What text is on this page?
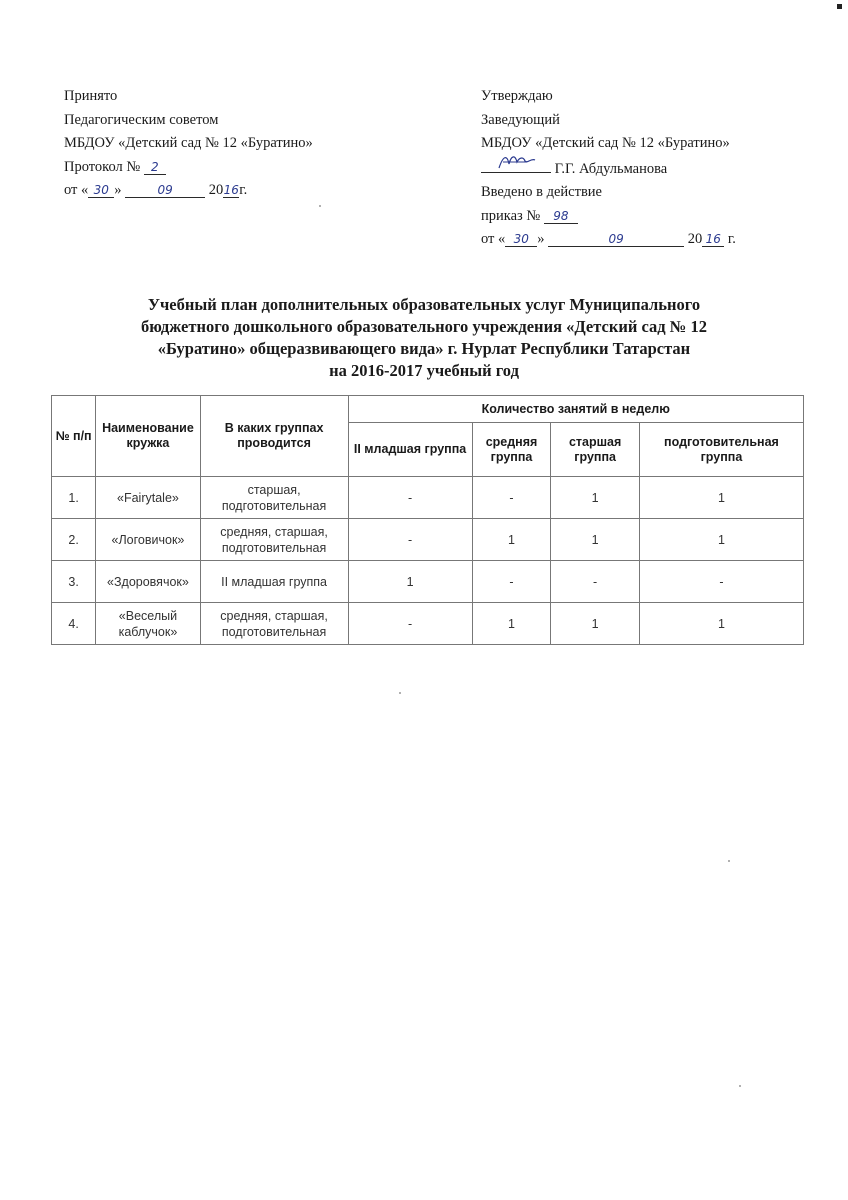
Принято
Педагогическим советом
МБДОУ «Детский сад № 12 «Буратино»
Протокол № 2
от « 30 »	09 2016г.
Утверждаю
Заведующий
МБДОУ «Детский сад № 12 «Буратино»
Г.Г. Абдульманова
Введено в действие
приказ № 98
от « 30 »	09	20 16 г.
Учебный план дополнительных образовательных услуг Муниципального
бюджетного дошкольного образовательного учреждения «Детский сад № 12
«Буратино» общеразвивающего вида» г. Нурлат Республики Татарстан
на 2016-2017 учебный год
№ п/п	Наименование кружка	В каких группах проводится	Количество занятий в неделю			
			II младшая группа	средняя группа	старшая группа	подготовительная группа
1.	«Fairytale»	старшая, подготовительная	-	-	1	1
2.	«Логовичок»	средняя, старшая, подготовительная	-	1	1	1
3.	«Здоровячок»	II младшая группа	1	-	-	-
4.	«Веселый каблучок»	средняя, старшая, подготовительная	-	1	1	1
